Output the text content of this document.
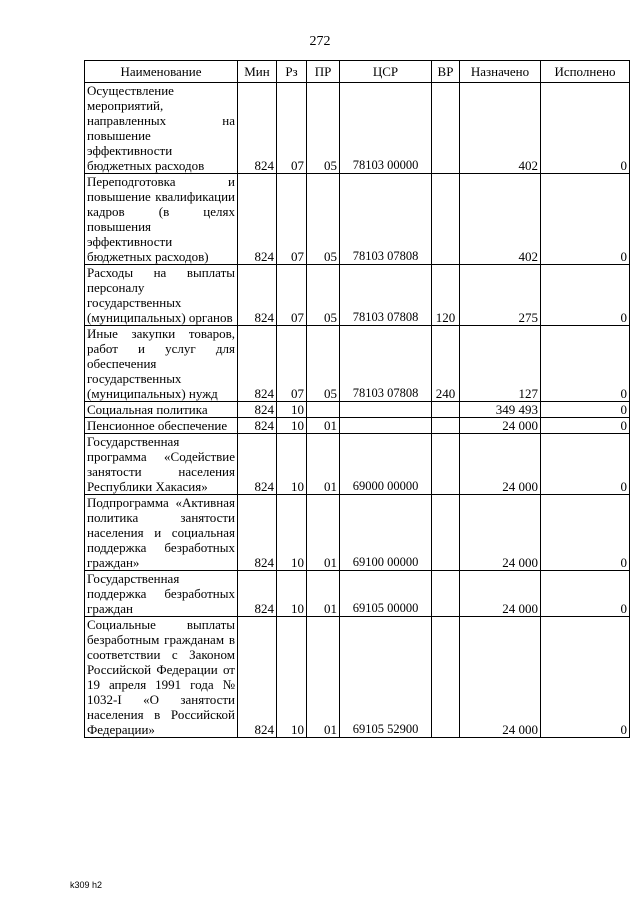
272
Наименование	Мин	Рз	ПР	ЦСР	ВР	Назначено	Исполнено
Осуществление мероприятий, направленных на повышение эффективности бюджетных расходов	824	07	05	78103 00000		402	0
Переподготовка и повышение квалификации кадров (в целях повышения эффективности бюджетных расходов)	824	07	05	78103 07808		402	0
Расходы на выплаты персоналу государственных (муниципальных) органов	824	07	05	78103 07808	120	275	0
Иные закупки товаров, работ и услуг для обеспечения государственных (муниципальных) нужд	824	07	05	78103 07808	240	127	0
Социальная политика	824	10				349 493	0
Пенсионное обеспечение	824	10	01			24 000	0
Государственная программа «Содействие занятости населения Республики Хакасия»	824	10	01	69000 00000		24 000	0
Подпрограмма «Активная политика занятости населения и социальная поддержка безработных граждан»	824	10	01	69100 00000		24 000	0
Государственная поддержка безработных граждан	824	10	01	69105 00000		24 000	0
Социальные выплаты безработным гражданам в соответствии с Законом Российской Федерации от 19 апреля 1991 года № 1032-I «О занятости населения в Российской Федерации»	824	10	01	69105 52900		24 000	0
k309 h2
